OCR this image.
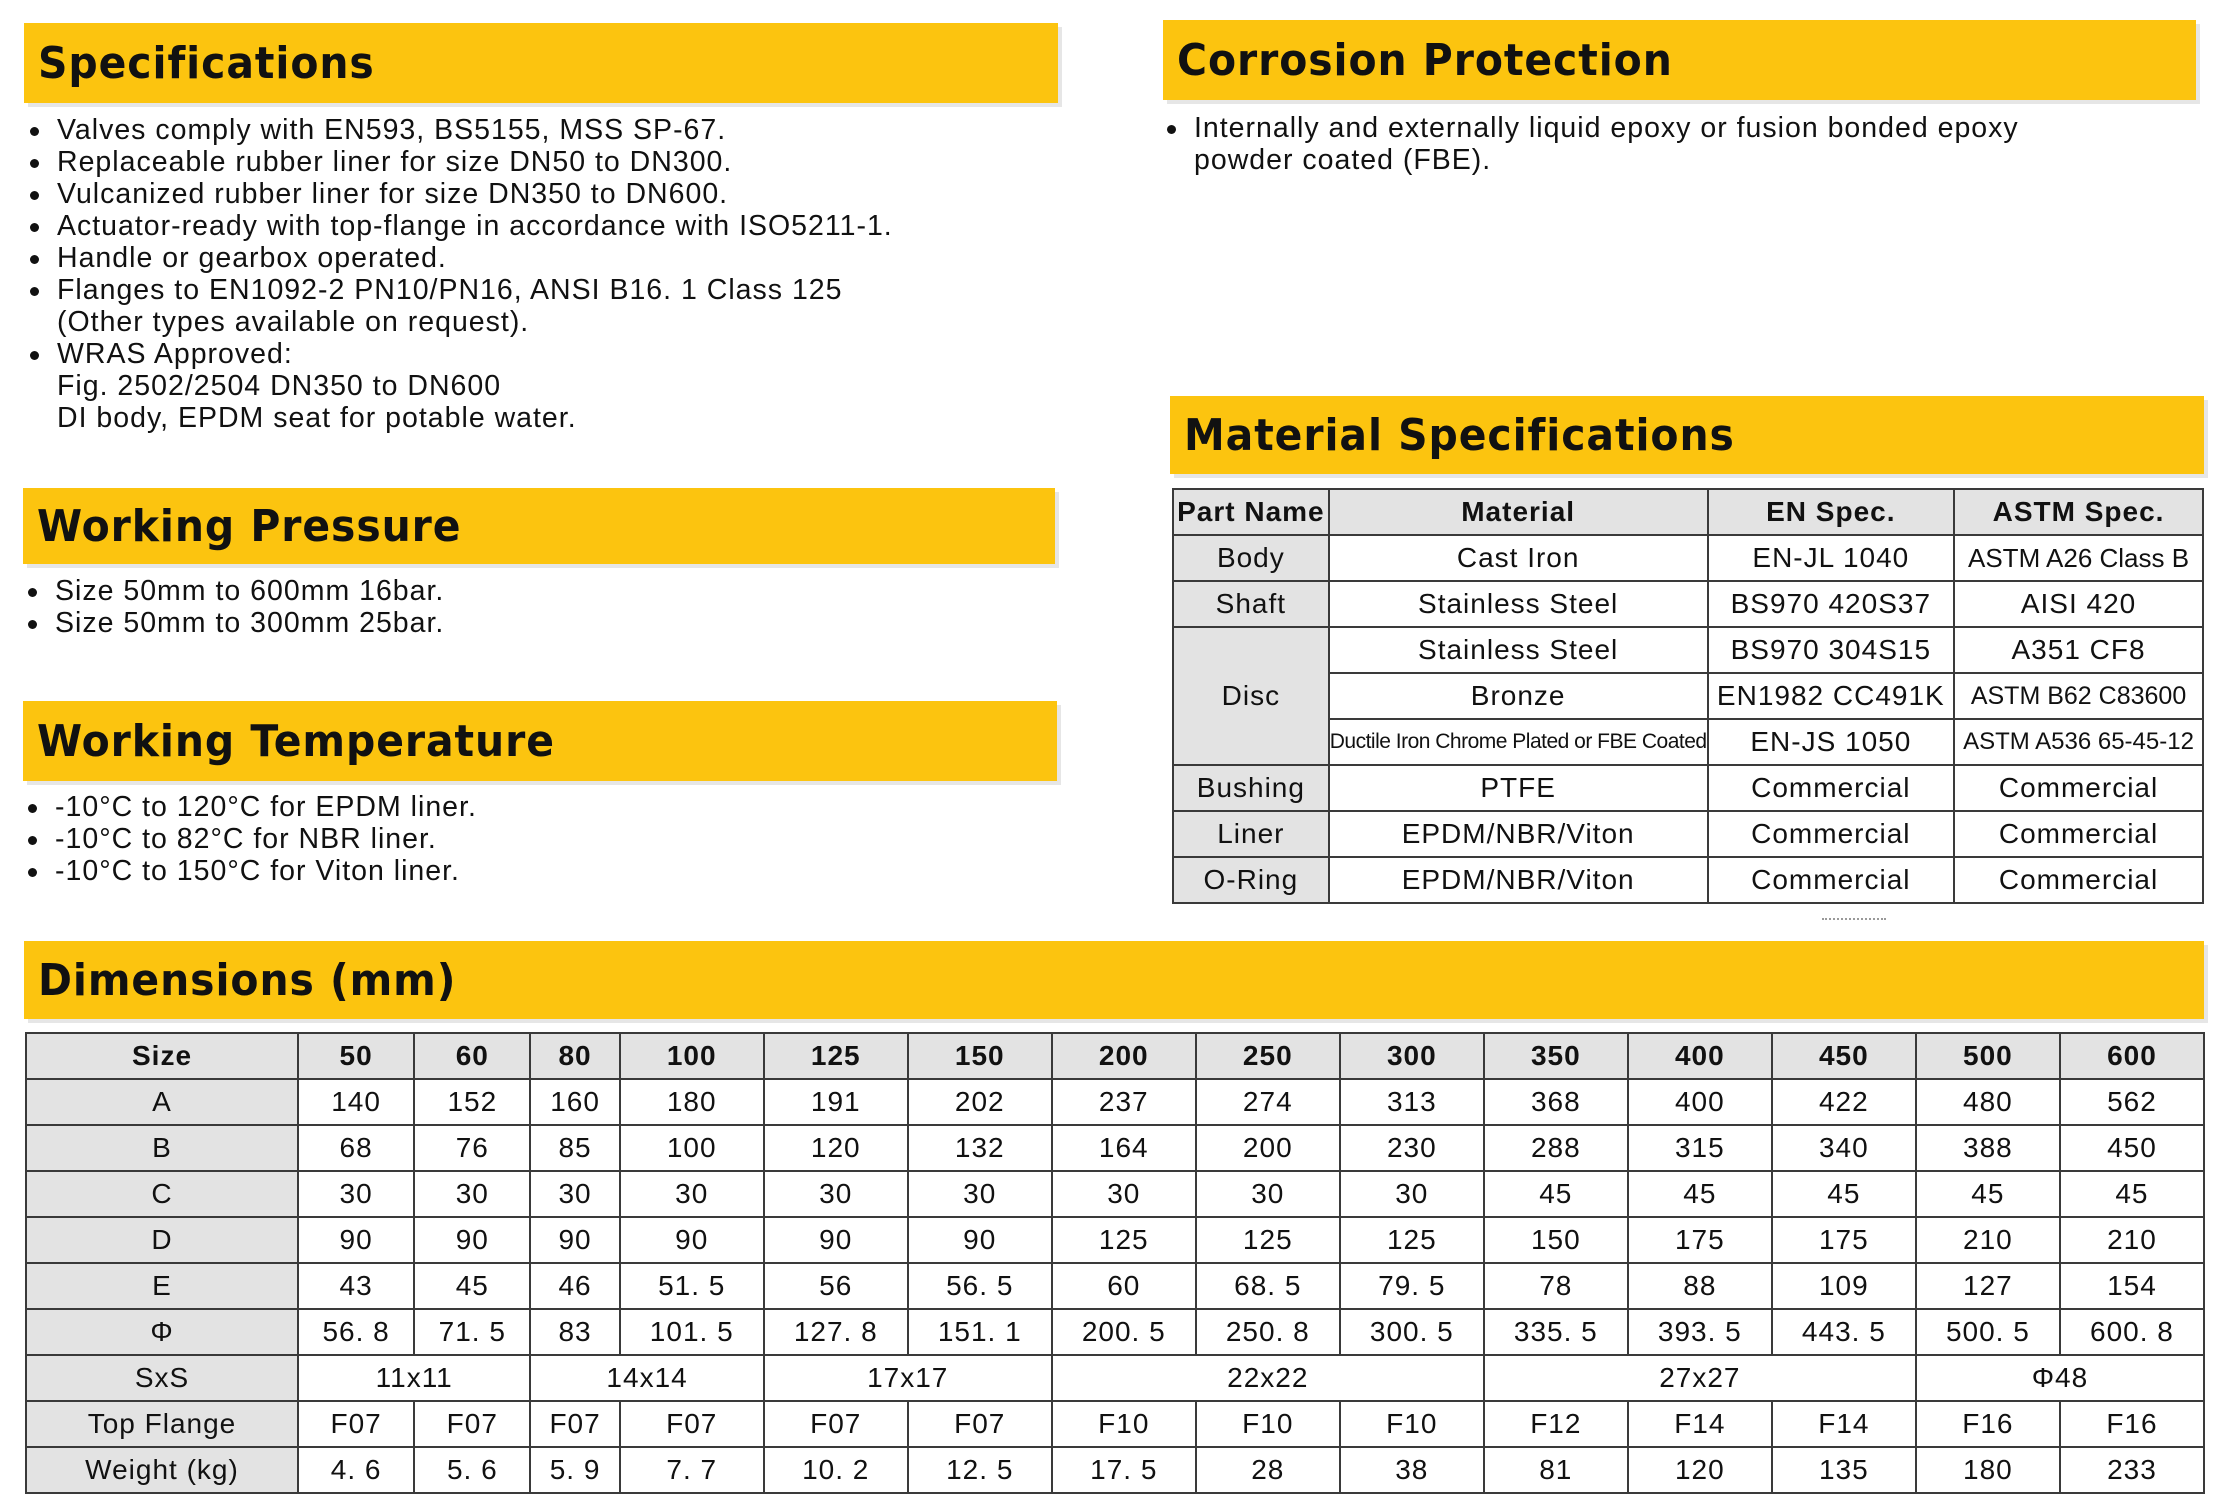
Specifications
Valves comply with EN593, BS5155, MSS SP-67.
Replaceable rubber liner for size DN50 to DN300.
Vulcanized rubber liner for size DN350 to DN600.
Actuator-ready with top-flange in accordance with ISO5211-1.
Handle or gearbox operated.
Flanges to EN1092-2 PN10/PN16, ANSI B16. 1 Class 125
(Other types available on request).
WRAS Approved:
Fig. 2502/2504 DN350 to DN600
DI body, EPDM seat for potable water.
Corrosion Protection
Internally and externally liquid epoxy or fusion bonded epoxy
powder coated (FBE).
Working Pressure
Size 50mm to 600mm 16bar.
Size 50mm to 300mm 25bar.
Working Temperature
-10°C to 120°C for EPDM liner.
-10°C to 82°C for NBR liner.
-10°C to 150°C for Viton liner.
Material Specifications
Part Name	Material	EN Spec.	ASTM Spec.
Body	Cast Iron	EN-JL 1040	ASTM A26 Class B
Shaft	Stainless Steel	BS970 420S37	AISI 420
Disc	Stainless Steel	BS970 304S15	A351 CF8
	Bronze	EN1982 CC491K	ASTM B62 C83600
	Ductile Iron Chrome Plated or FBE Coated	EN-JS 1050	ASTM A536 65-45-12
Bushing	PTFE	Commercial	Commercial
Liner	EPDM/NBR/Viton	Commercial	Commercial
O-Ring	EPDM/NBR/Viton	Commercial	Commercial
Dimensions (mm)
Size	50	60	80	100	125	150	200	250	300	350	400	450	500	600
A	140	152	160	180	191	202	237	274	313	368	400	422	480	562
B	68	76	85	100	120	132	164	200	230	288	315	340	388	450
C	30	30	30	30	30	30	30	30	30	45	45	45	45	45
D	90	90	90	90	90	90	125	125	125	150	175	175	210	210
E	43	45	46	51. 5	56	56. 5	60	68. 5	79. 5	78	88	109	127	154
Φ	56. 8	71. 5	83	101. 5	127. 8	151. 1	200. 5	250. 8	300. 5	335. 5	393. 5	443. 5	500. 5	600. 8
SxS	11x11		14x14		17x17		22x22			27x27			Φ48	
Top Flange	F07	F07	F07	F07	F07	F07	F10	F10	F10	F12	F14	F14	F16	F16
Weight (kg)	4. 6	5. 6	5. 9	7. 7	10. 2	12. 5	17. 5	28	38	81	120	135	180	233
